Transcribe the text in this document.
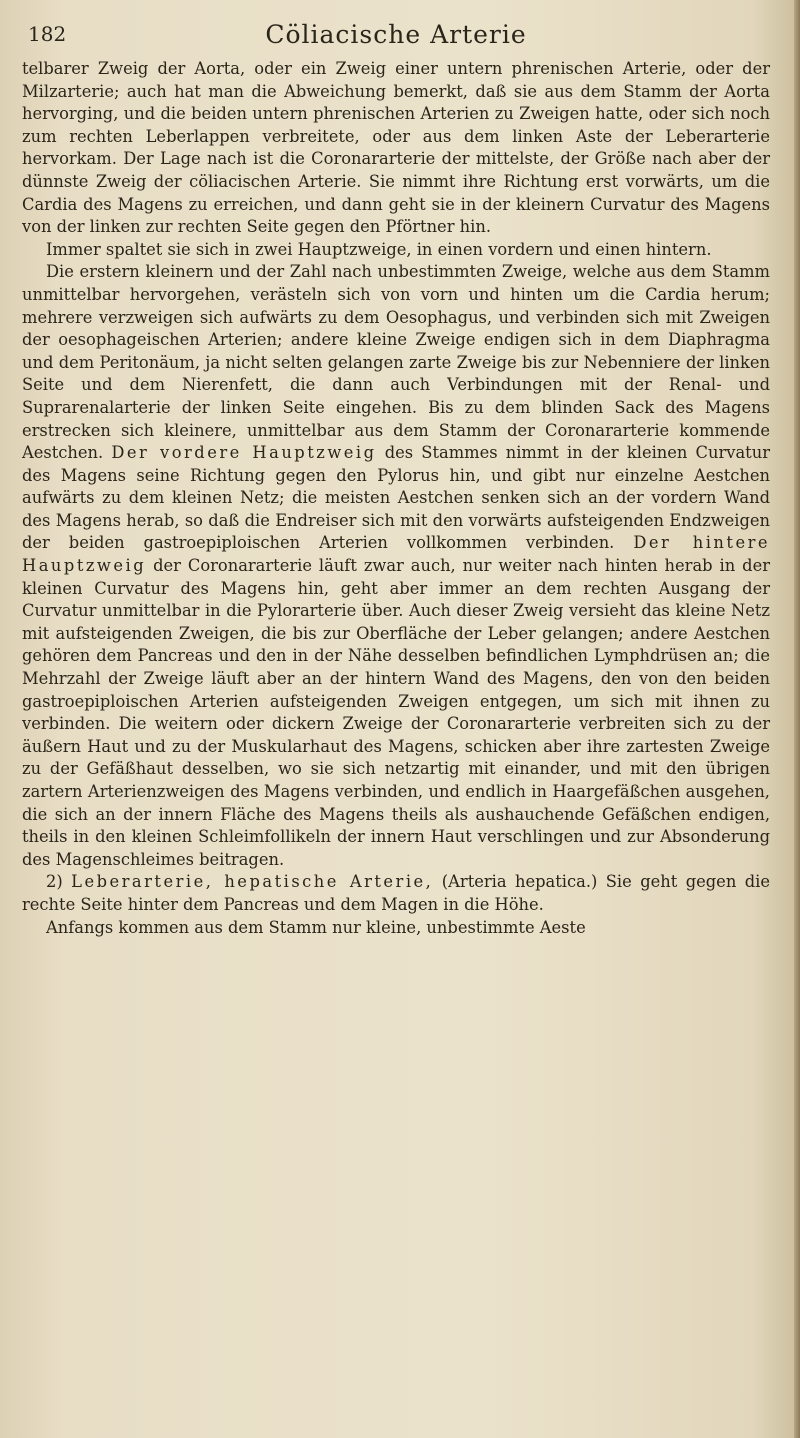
182	Cöliacische Arterie

telbarer Zweig der Aorta, oder ein Zweig einer untern phrenischen Arterie, oder der Milzarterie; auch hat man die Abweichung bemerkt, daß sie aus dem Stamm der Aorta hervorging, und die beiden untern phrenischen Arterien zu Zweigen hatte, oder sich noch zum rechten Leberlappen verbreitete, oder aus dem linken Aste der Leberarterie hervorkam. Der Lage nach ist die Coronararterie der mittelste, der Größe nach aber der dünnste Zweig der cöliacischen Arterie. Sie nimmt ihre Richtung erst vorwärts, um die Cardia des Magens zu erreichen, und dann geht sie in der kleinern Curvatur des Magens von der linken zur rechten Seite gegen den Pförtner hin.

Immer spaltet sie sich in zwei Hauptzweige, in einen vordern und einen hintern.

Die erstern kleinern und der Zahl nach unbestimmten Zweige, welche aus dem Stamm unmittelbar hervorgehen, verästeln sich von vorn und hinten um die Cardia herum; mehrere verzweigen sich aufwärts zu dem Oesophagus, und verbinden sich mit Zweigen der oesophageischen Arterien; andere kleine Zweige endigen sich in dem Diaphragma und dem Peritonäum, ja nicht selten gelangen zarte Zweige bis zur Nebenniere der linken Seite und dem Nierenfett, die dann auch Verbindungen mit der Renal- und Suprarenalarterie der linken Seite eingehen. Bis zu dem blinden Sack des Magens erstrecken sich kleinere, unmittelbar aus dem Stamm der Coronararterie kommende Aestchen. Der vordere Hauptzweig des Stammes nimmt in der kleinen Curvatur des Magens seine Richtung gegen den Pylorus hin, und gibt nur einzelne Aestchen aufwärts zu dem kleinen Netz; die meisten Aestchen senken sich an der vordern Wand des Magens herab, so daß die Endreiser sich mit den vorwärts aufsteigenden Endzweigen der beiden gastroepiploischen Arterien vollkommen verbinden. Der hintere Hauptzweig der Coronararterie läuft zwar auch, nur weiter nach hinten herab in der kleinen Curvatur des Magens hin, geht aber immer an dem rechten Ausgang der Curvatur unmittelbar in die Pylorarterie über. Auch dieser Zweig versieht das kleine Netz mit aufsteigenden Zweigen, die bis zur Oberfläche der Leber gelangen; andere Aestchen gehören dem Pancreas und den in der Nähe desselben befindlichen Lymphdrüsen an; die Mehrzahl der Zweige läuft aber an der hintern Wand des Magens, den von den beiden gastroepiploischen Arterien aufsteigenden Zweigen entgegen, um sich mit ihnen zu verbinden. Die weitern oder dickern Zweige der Coronararterie verbreiten sich zu der äußern Haut und zu der Muskularhaut des Magens, schicken aber ihre zartesten Zweige zu der Gefäßhaut desselben, wo sie sich netzartig mit einander, und mit den übrigen zartern Arterienzweigen des Magens verbinden, und endlich in Haargefäßchen ausgehen, die sich an der innern Fläche des Magens theils als aushauchende Gefäßchen endigen, theils in den kleinen Schleimfollikeln der innern Haut verschlingen und zur Absonderung des Magenschleimes beitragen.

2) Leberarterie, hepatische Arterie, (Arteria hepatica.) Sie geht gegen die rechte Seite hinter dem Pancreas und dem Magen in die Höhe.

Anfangs kommen aus dem Stamm nur kleine, unbestimmte Aeste
